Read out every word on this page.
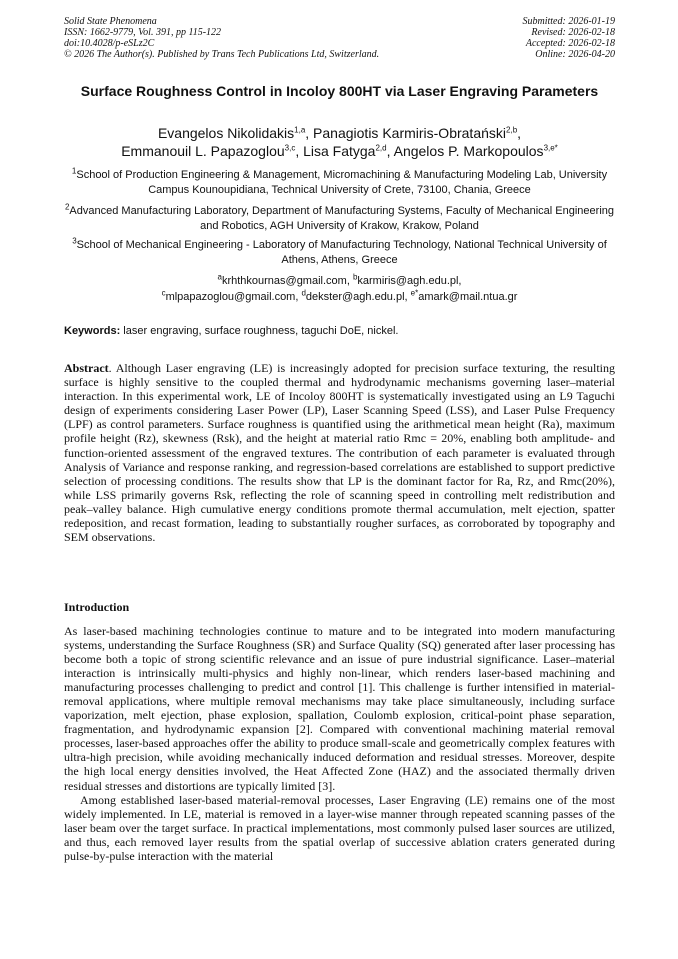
Solid State Phenomena
ISSN: 1662-9779, Vol. 391, pp 115-122
doi:10.4028/p-eSLz2C
© 2026 The Author(s). Published by Trans Tech Publications Ltd, Switzerland.
Submitted: 2026-01-19
Revised: 2026-02-18
Accepted: 2026-02-18
Online: 2026-04-20
Surface Roughness Control in Incoloy 800HT via Laser Engraving Parameters
Evangelos Nikolidakis$^{1,a}$, Panagiotis Karmiris-Obratański$^{2,b}$,
Emmanouil L. Papazoglou$^{3,c}$, Lisa Fatyga$^{2,d}$, Angelos P. Markopoulos$^{3,e*}$
$^1$School of Production Engineering & Management, Micromachining & Manufacturing Modeling Lab, University Campus Kounoupidiana, Technical University of Crete, 73100, Chania, Greece
$^2$Advanced Manufacturing Laboratory, Department of Manufacturing Systems, Faculty of Mechanical Engineering and Robotics, AGH University of Krakow, Krakow, Poland
$^3$School of Mechanical Engineering - Laboratory of Manufacturing Technology, National Technical University of Athens, Athens, Greece
$^a$krhthkournas@gmail.com, $^b$karmiris@agh.edu.pl,
$^c$mlpapazoglou@gmail.com, $^d$dekster@agh.edu.pl, $^{e*}$amark@mail.ntua.gr
Keywords: laser engraving, surface roughness, taguchi DoE, nickel.
Abstract. Although Laser engraving (LE) is increasingly adopted for precision surface texturing, the resulting surface is highly sensitive to the coupled thermal and hydrodynamic mechanisms governing laser–material interaction. In this experimental work, LE of Incoloy 800HT is systematically investigated using an L9 Taguchi design of experiments considering Laser Power (LP), Laser Scanning Speed (LSS), and Laser Pulse Frequency (LPF) as control parameters. Surface roughness is quantified using the arithmetical mean height (Ra), maximum profile height (Rz), skewness (Rsk), and the height at material ratio Rmc = 20%, enabling both amplitude- and function-oriented assessment of the engraved textures. The contribution of each parameter is evaluated through Analysis of Variance and response ranking, and regression-based correlations are established to support predictive selection of processing conditions. The results show that LP is the dominant factor for Ra, Rz, and Rmc(20%), while LSS primarily governs Rsk, reflecting the role of scanning speed in controlling melt redistribution and peak–valley balance. High cumulative energy conditions promote thermal accumulation, melt ejection, spatter redeposition, and recast formation, leading to substantially rougher surfaces, as corroborated by topography and SEM observations.
Introduction

As laser-based machining technologies continue to mature and to be integrated into modern manufacturing systems, understanding the Surface Roughness (SR) and Surface Quality (SQ) generated after laser processing has become both a topic of strong scientific relevance and an issue of pure industrial significance. Laser–material interaction is intrinsically multi-physics and highly non-linear, which renders laser-based machining and manufacturing processes challenging to predict and control [1]. This challenge is further intensified in material-removal applications, where multiple removal mechanisms may take place simultaneously, including surface vaporization, melt ejection, phase explosion, spallation, Coulomb explosion, critical-point phase separation, fragmentation, and hydrodynamic expansion [2]. Compared with conventional machining material removal processes, laser-based approaches offer the ability to produce small-scale and geometrically complex features with ultra-high precision, while avoiding mechanically induced deformation and residual stresses. Moreover, despite the high local energy densities involved, the Heat Affected Zone (HAZ) and the associated thermally driven residual stresses and distortions are typically limited [3].

Among established laser-based material-removal processes, Laser Engraving (LE) remains one of the most widely implemented. In LE, material is removed in a layer-wise manner through repeated scanning passes of the laser beam over the target surface. In practical implementations, most commonly pulsed laser sources are utilized, and thus, each removed layer results from the spatial overlap of successive ablation craters generated during pulse-by-pulse interaction with the material
